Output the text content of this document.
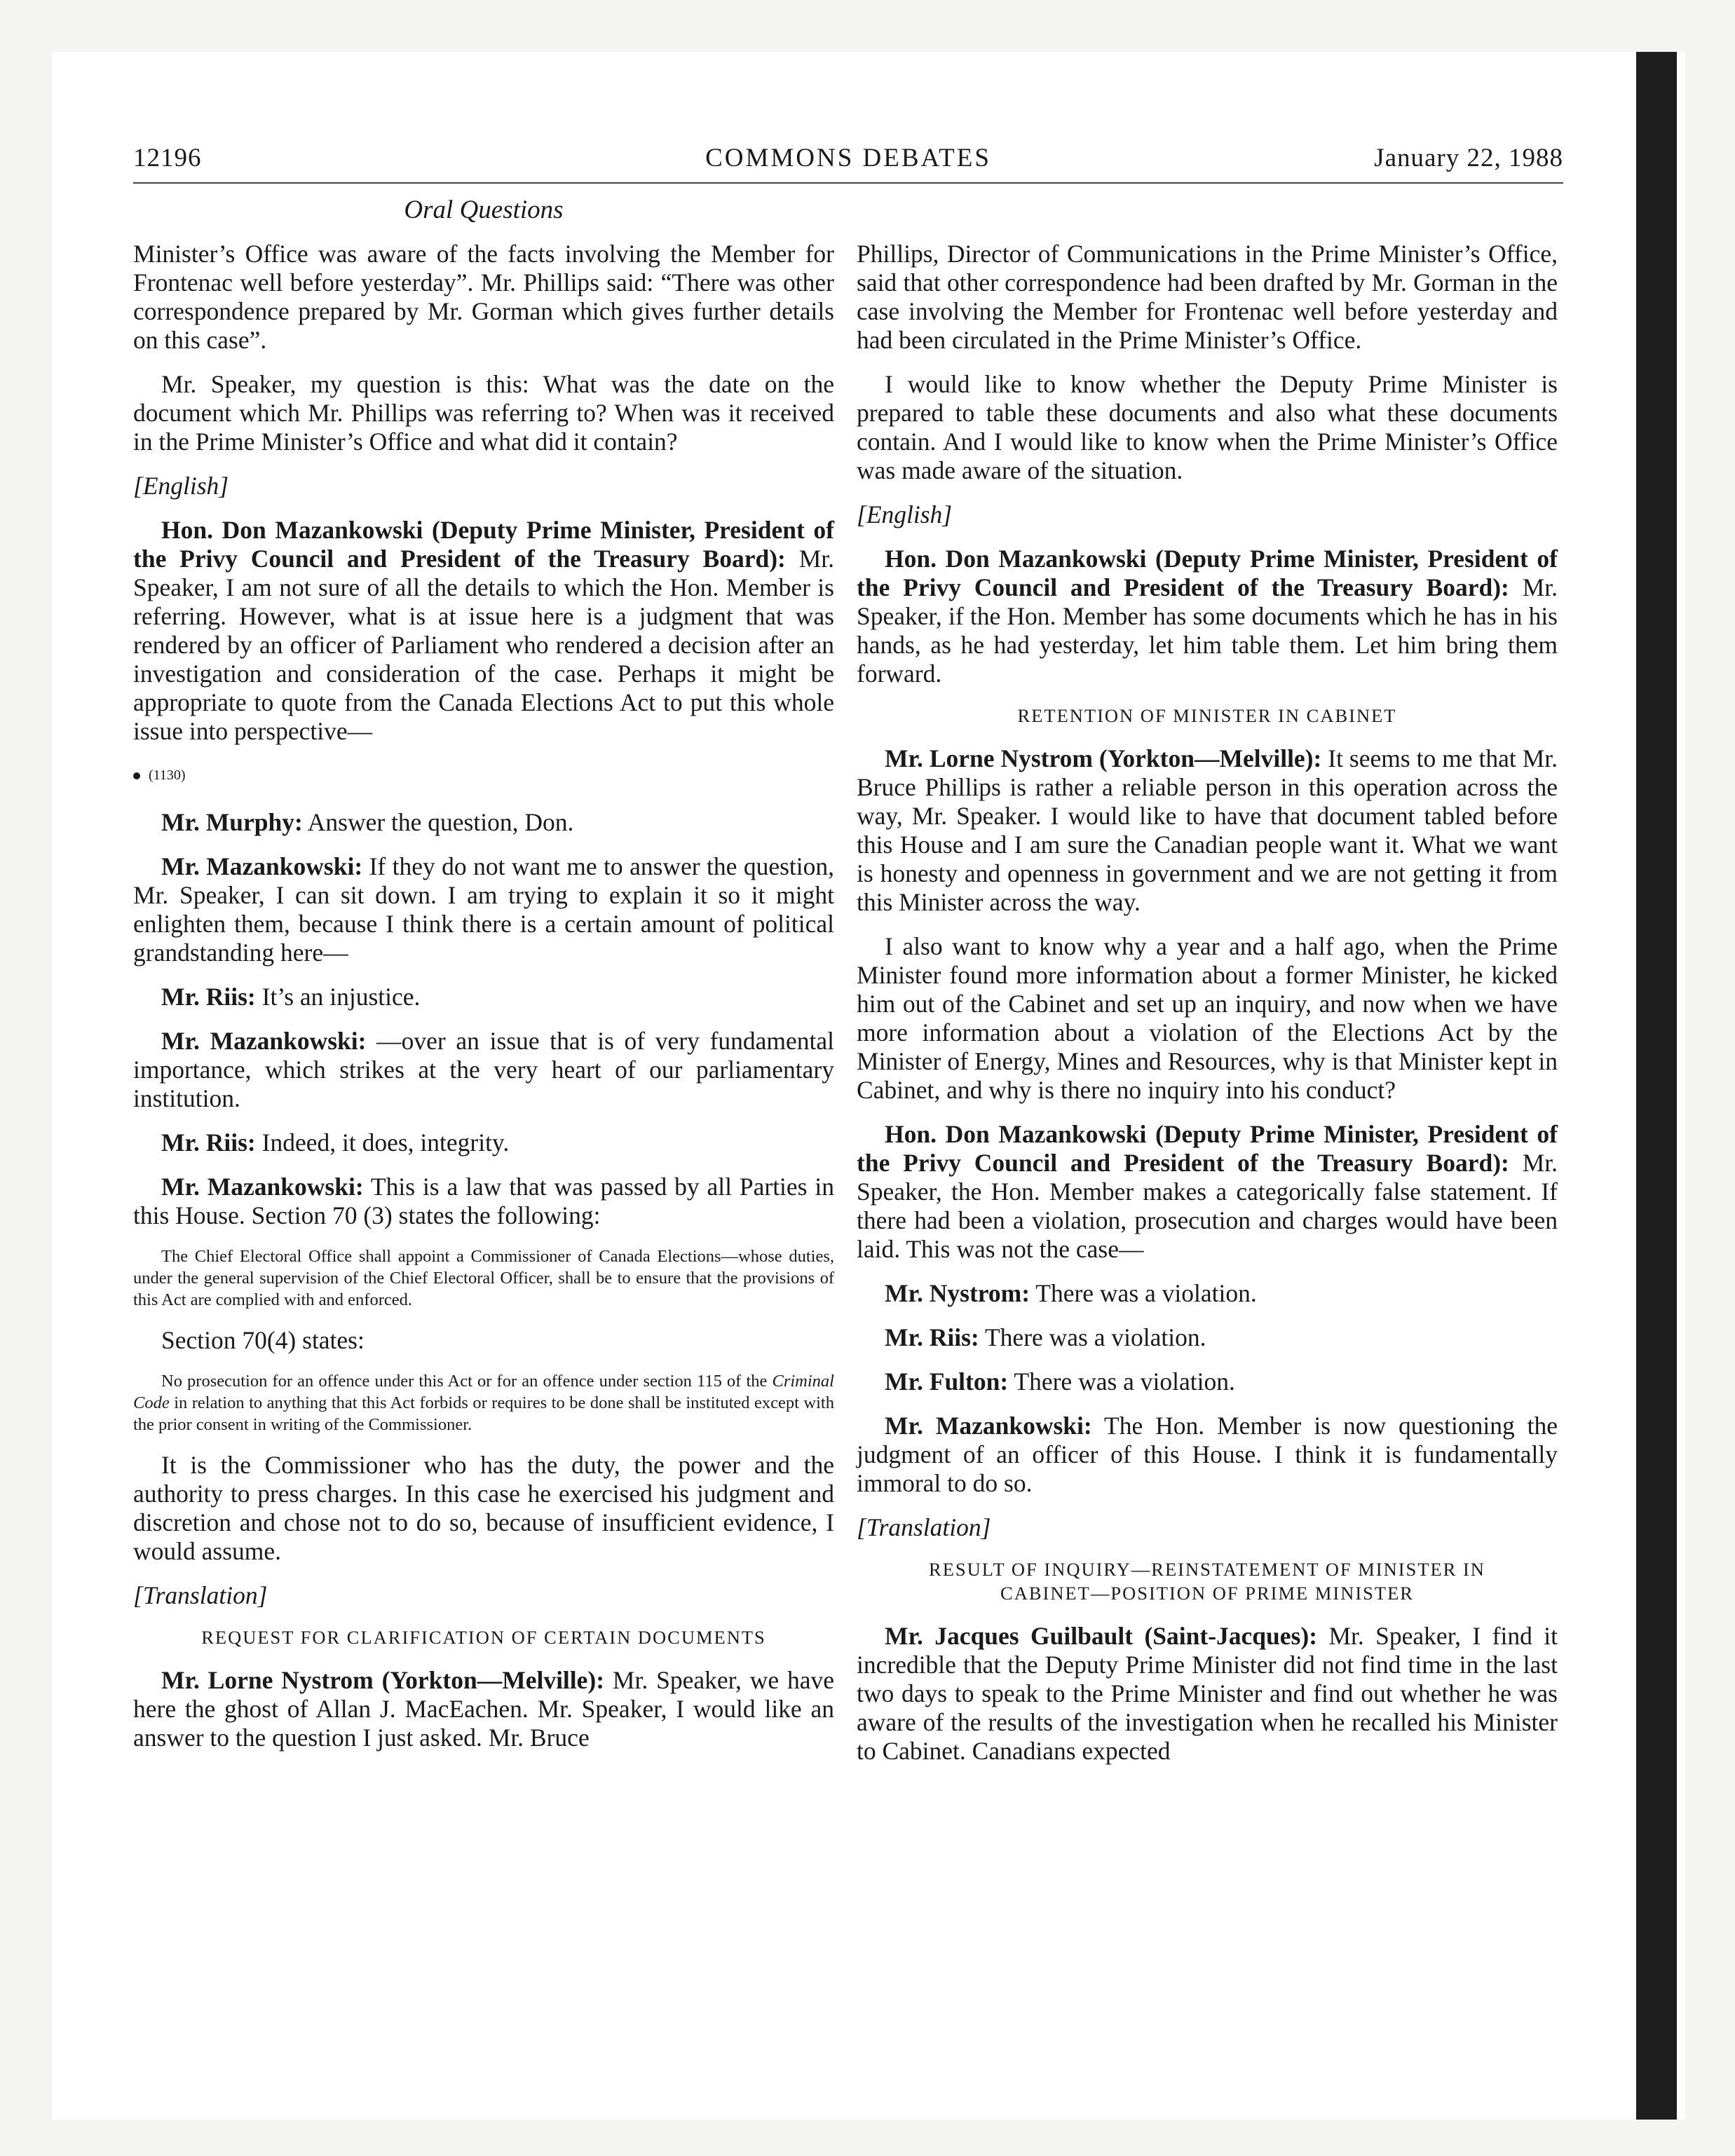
12196	COMMONS DEBATES	January 22, 1988
Oral Questions

Minister’s Office was aware of the facts involving the Member for Frontenac well before yesterday”. Mr. Phillips said: “There was other correspondence prepared by Mr. Gorman which gives further details on this case”.

Mr. Speaker, my question is this: What was the date on the document which Mr. Phillips was referring to? When was it received in the Prime Minister’s Office and what did it contain?

[English]

Hon. Don Mazankowski (Deputy Prime Minister, President of the Privy Council and President of the Treasury Board): Mr. Speaker, I am not sure of all the details to which the Hon. Member is referring. However, what is at issue here is a judgment that was rendered by an officer of Parliament who rendered a decision after an investigation and consideration of the case. Perhaps it might be appropriate to quote from the Canada Elections Act to put this whole issue into perspective—

(1130)

Mr. Murphy: Answer the question, Don.

Mr. Mazankowski: If they do not want me to answer the question, Mr. Speaker, I can sit down. I am trying to explain it so it might enlighten them, because I think there is a certain amount of political grandstanding here—

Mr. Riis: It’s an injustice.

Mr. Mazankowski: —over an issue that is of very fundamental importance, which strikes at the very heart of our parliamentary institution.

Mr. Riis: Indeed, it does, integrity.

Mr. Mazankowski: This is a law that was passed by all Parties in this House. Section 70 (3) states the following:

The Chief Electoral Office shall appoint a Commissioner of Canada Elections—whose duties, under the general supervision of the Chief Electoral Officer, shall be to ensure that the provisions of this Act are complied with and enforced.
Section 70(4) states:
No prosecution for an offence under this Act or for an offence under section 115 of the Criminal Code in relation to anything that this Act forbids or requires to be done shall be instituted except with the prior consent in writing of the Commissioner.

It is the Commissioner who has the duty, the power and the authority to press charges. In this case he exercised his judgment and discretion and chose not to do so, because of insufficient evidence, I would assume.

[Translation]
REQUEST FOR CLARIFICATION OF CERTAIN DOCUMENTS

Mr. Lorne Nystrom (Yorkton—Melville): Mr. Speaker, we have here the ghost of Allan J. MacEachen. Mr. Speaker, I would like an answer to the question I just asked. Mr. Bruce

Phillips, Director of Communications in the Prime Minister’s Office, said that other correspondence had been drafted by Mr. Gorman in the case involving the Member for Frontenac well before yesterday and had been circulated in the Prime Minister’s Office.

I would like to know whether the Deputy Prime Minister is prepared to table these documents and also what these documents contain. And I would like to know when the Prime Minister’s Office was made aware of the situation.

[English]

Hon. Don Mazankowski (Deputy Prime Minister, President of the Privy Council and President of the Treasury Board): Mr. Speaker, if the Hon. Member has some documents which he has in his hands, as he had yesterday, let him table them. Let him bring them forward.

RETENTION OF MINISTER IN CABINET

Mr. Lorne Nystrom (Yorkton—Melville): It seems to me that Mr. Bruce Phillips is rather a reliable person in this operation across the way, Mr. Speaker. I would like to have that document tabled before this House and I am sure the Canadian people want it. What we want is honesty and openness in government and we are not getting it from this Minister across the way.

I also want to know why a year and a half ago, when the Prime Minister found more information about a former Minister, he kicked him out of the Cabinet and set up an inquiry, and now when we have more information about a violation of the Elections Act by the Minister of Energy, Mines and Resources, why is that Minister kept in Cabinet, and why is there no inquiry into his conduct?

Hon. Don Mazankowski (Deputy Prime Minister, President of the Privy Council and President of the Treasury Board): Mr. Speaker, the Hon. Member makes a categorically false statement. If there had been a violation, prosecution and charges would have been laid. This was not the case—

Mr. Nystrom: There was a violation.

Mr. Riis: There was a violation.

Mr. Fulton: There was a violation.

Mr. Mazankowski: The Hon. Member is now questioning the judgment of an officer of this House. I think it is fundamentally immoral to do so.

[Translation]
RESULT OF INQUIRY—REINSTATEMENT OF MINISTER IN
CABINET—POSITION OF PRIME MINISTER

Mr. Jacques Guilbault (Saint-Jacques): Mr. Speaker, I find it incredible that the Deputy Prime Minister did not find time in the last two days to speak to the Prime Minister and find out whether he was aware of the results of the investigation when he recalled his Minister to Cabinet. Canadians expected
